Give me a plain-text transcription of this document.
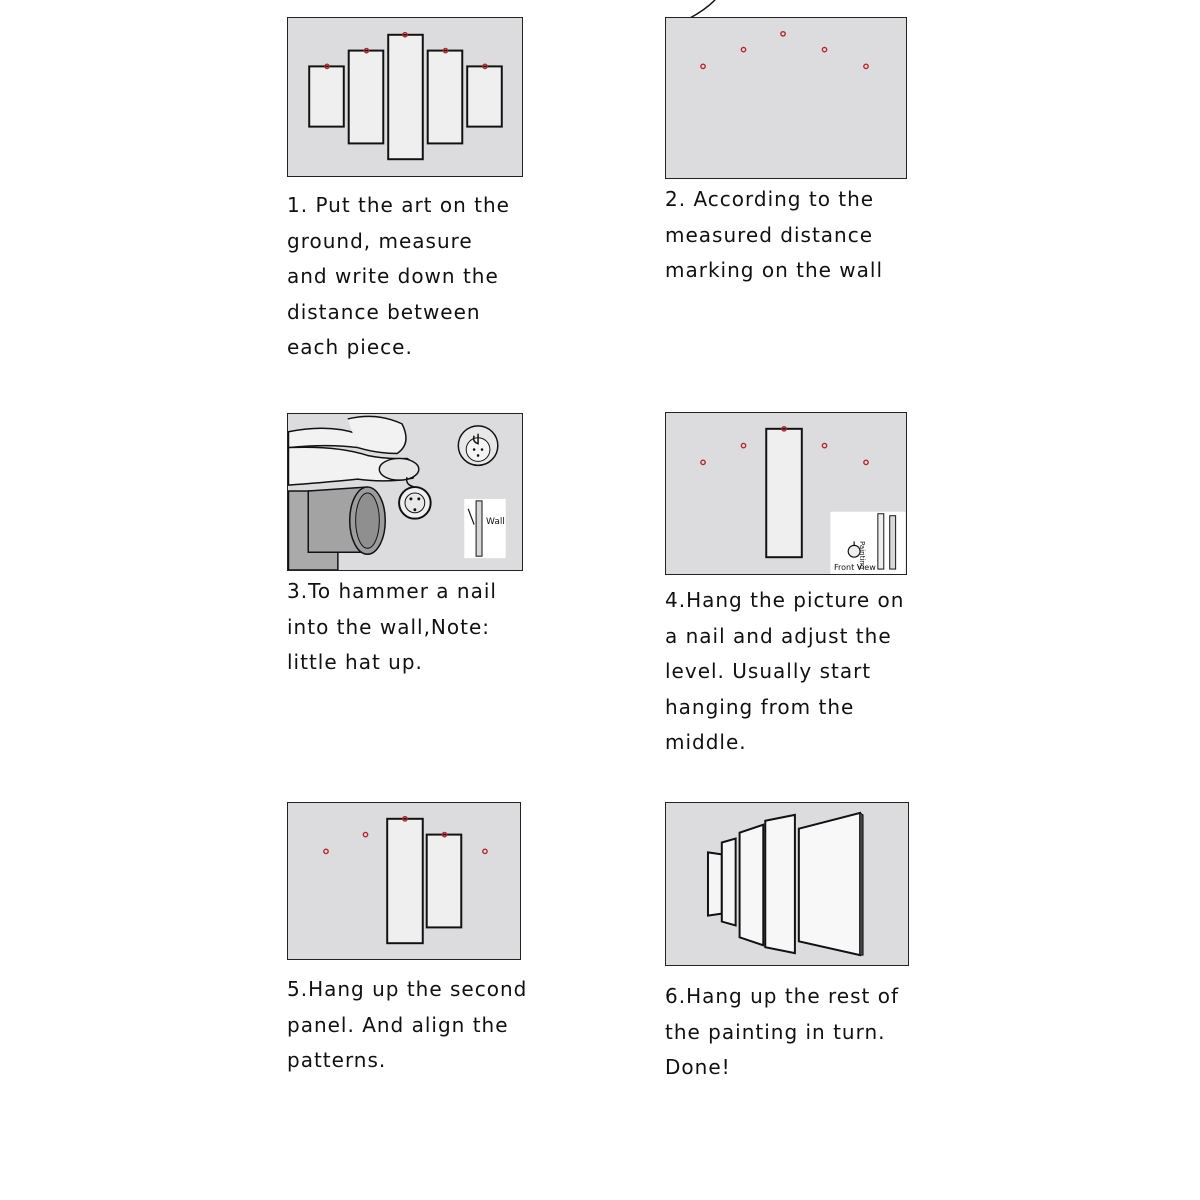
1. Put the art on the
ground, measure
and write down the
distance between
each piece.

2. According to the
measured distance
marking on the wall

Wall

3.To hammer a nail
into the wall,Note:
little hat up.

Front View
Painting

4.Hang the picture on
a nail and adjust the
level. Usually start
hanging from the
middle.

5.Hang up the second
panel. And align the
patterns.

6.Hang up the rest of
the painting in turn.
Done!
